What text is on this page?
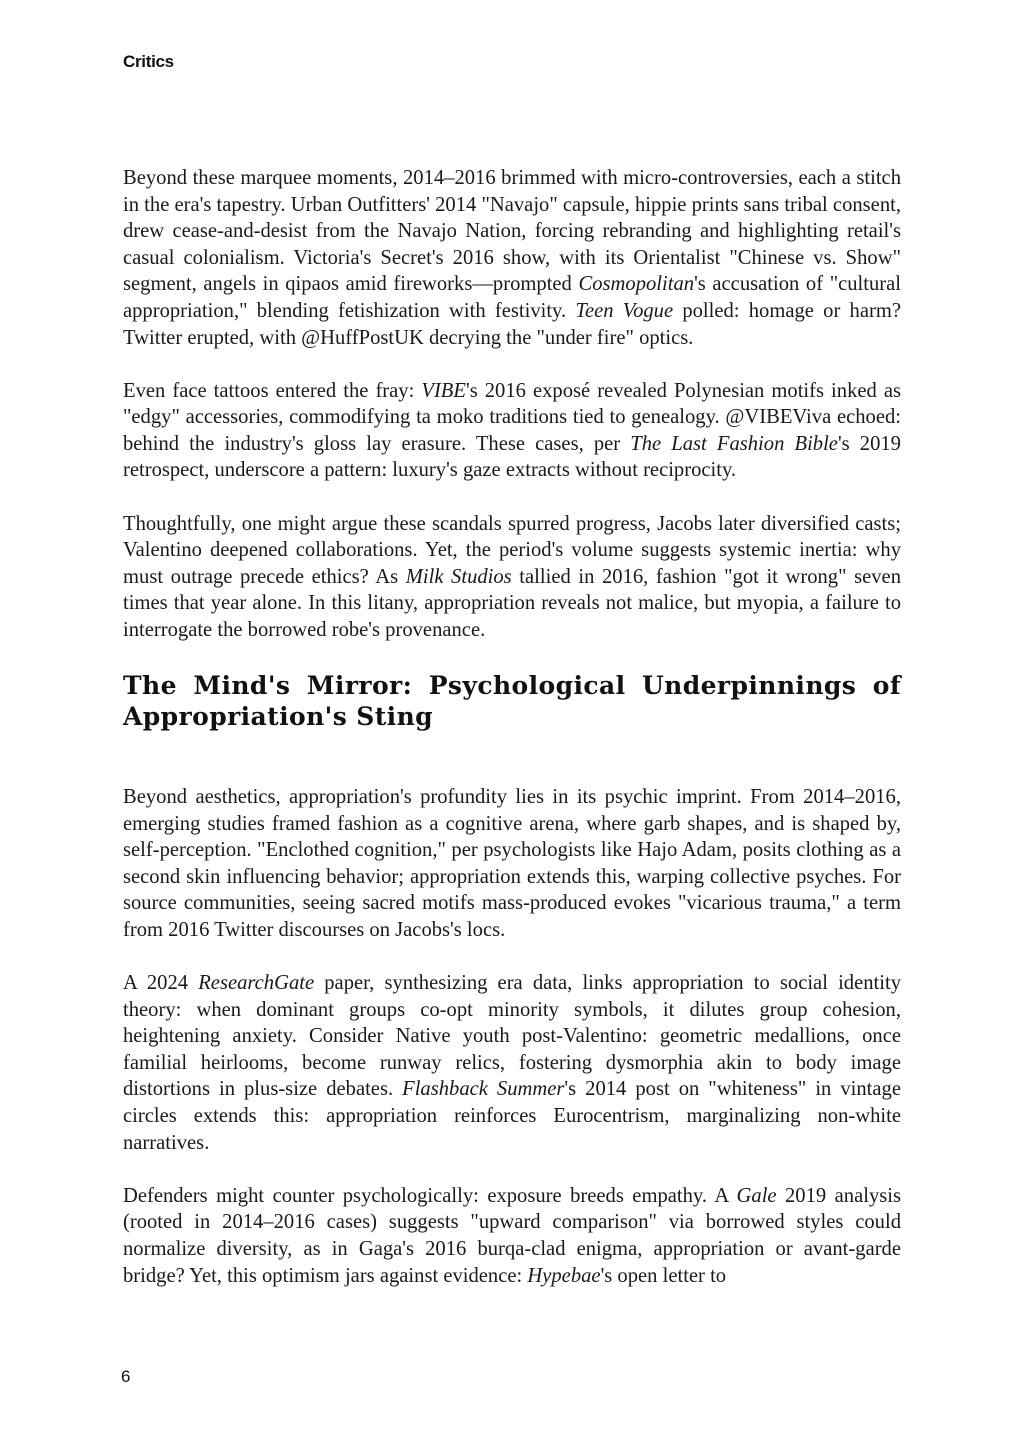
Critics

Beyond these marquee moments, 2014–2016 brimmed with micro-controversies, each a stitch in the era's tapestry. Urban Outfitters' 2014 "Navajo" capsule, hippie prints sans tribal consent, drew cease-and-desist from the Navajo Nation, forcing rebranding and highlighting retail's casual colonialism. Victoria's Secret's 2016 show, with its Orientalist "Chinese vs. Show" segment, angels in qipaos amid fireworks—prompted Cosmopolitan's accusation of "cultural appropriation," blending fetishization with festivity. Teen Vogue polled: homage or harm? Twitter erupted, with @HuffPostUK decrying the "under fire" optics.

Even face tattoos entered the fray: VIBE's 2016 exposé revealed Polynesian motifs inked as "edgy" accessories, commodifying ta moko traditions tied to genealogy. @VIBEViva echoed: behind the industry's gloss lay erasure. These cases, per The Last Fashion Bible's 2019 retrospect, underscore a pattern: luxury's gaze extracts without reciprocity.

Thoughtfully, one might argue these scandals spurred progress, Jacobs later diversified casts; Valentino deepened collaborations. Yet, the period's volume suggests systemic inertia: why must outrage precede ethics? As Milk Studios tallied in 2016, fashion "got it wrong" seven times that year alone. In this litany, appropriation reveals not malice, but myopia, a failure to interrogate the borrowed robe's provenance.

The Mind's Mirror: Psychological Underpinnings of Appropriation's Sting

Beyond aesthetics, appropriation's profundity lies in its psychic imprint. From 2014–2016, emerging studies framed fashion as a cognitive arena, where garb shapes, and is shaped by, self-perception. "Enclothed cognition," per psychologists like Hajo Adam, posits clothing as a second skin influencing behavior; appropriation extends this, warping collective psyches. For source communities, seeing sacred motifs mass-produced evokes "vicarious trauma," a term from 2016 Twitter discourses on Jacobs's locs.

A 2024 ResearchGate paper, synthesizing era data, links appropriation to social identity theory: when dominant groups co-opt minority symbols, it dilutes group cohesion, heightening anxiety. Consider Native youth post-Valentino: geometric medallions, once familial heirlooms, become runway relics, fostering dysmorphia akin to body image distortions in plus-size debates. Flashback Summer's 2014 post on "whiteness" in vintage circles extends this: appropriation reinforces Eurocentrism, marginalizing non-white narratives.

Defenders might counter psychologically: exposure breeds empathy. A Gale 2019 analysis (rooted in 2014–2016 cases) suggests "upward comparison" via borrowed styles could normalize diversity, as in Gaga's 2016 burqa-clad enigma, appropriation or avant-garde bridge? Yet, this optimism jars against evidence: Hypebae's open letter to

6
